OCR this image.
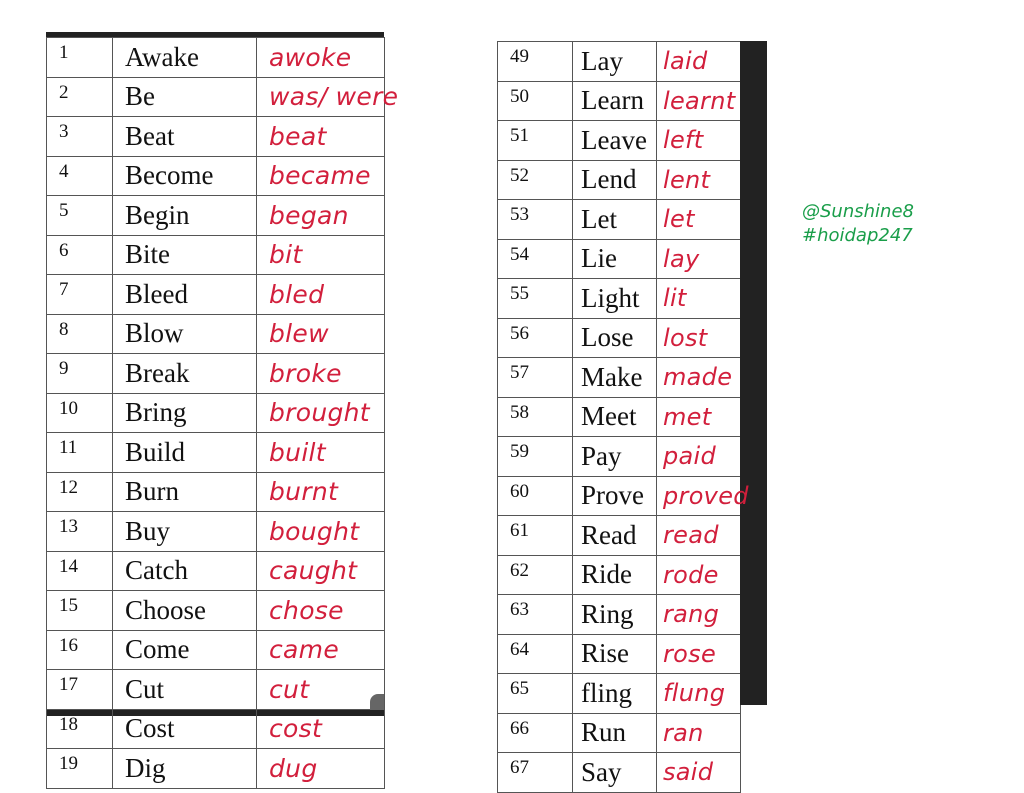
1	Awake	awoke
2	Be	was/ were
3	Beat	beat
4	Become	became
5	Begin	began
6	Bite	bit
7	Bleed	bled
8	Blow	blew
9	Break	broke
10	Bring	brought
11	Build	built
12	Burn	burnt
13	Buy	bought
14	Catch	caught
15	Choose	chose
16	Come	came
17	Cut	cut
18	Cost	cost
19	Dig	dug
49	Lay	laid
50	Learn	learnt
51	Leave	left
52	Lend	lent
53	Let	let
54	Lie	lay
55	Light	lit
56	Lose	lost
57	Make	made
58	Meet	met
59	Pay	paid
60	Prove	proved
61	Read	read
62	Ride	rode
63	Ring	rang
64	Rise	rose
65	fling	flung
66	Run	ran
67	Say	said
@Sunshine8
#hoidap247
